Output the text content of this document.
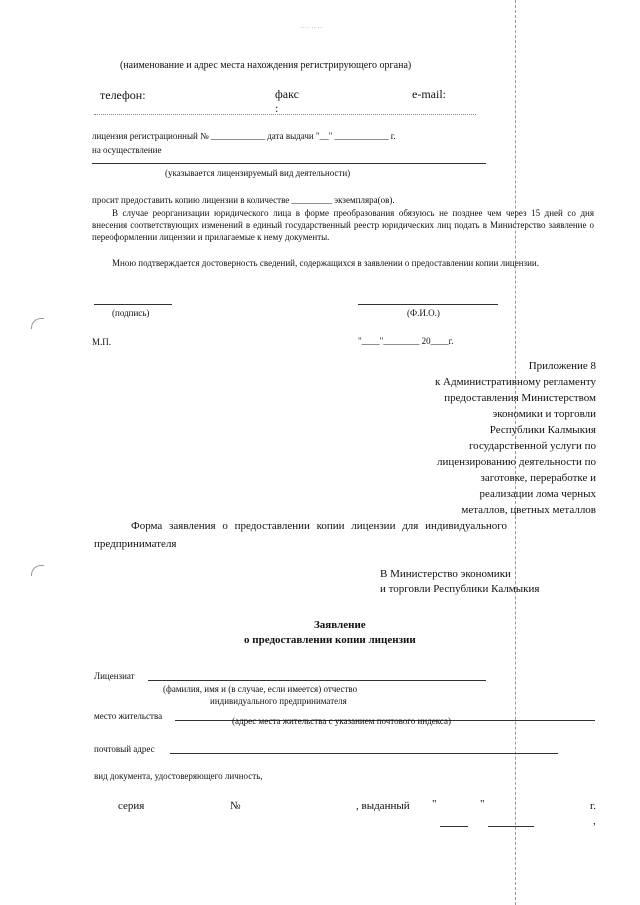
···· ·· ··
(наименование и адрес места нахождения регистрирующего органа)
телефон:	факс	e-mail:
:
лицензия регистрационный № ____________ дата выдачи "__" ____________ г.
на осуществление
(указывается лицензируемый вид деятельности)
просит предоставить копию лицензии в количестве _________ экземпляра(ов).
В случае реорганизации юридического лица в форме преобразования обязуюсь не позднее чем через 15 дней со дня внесения соответствующих изменений в единый государственный реестр юридических лиц подать в Министерство заявление о переоформлении лицензии и прилагаемые к нему документы.
Мною подтверждается достоверность сведений, содержащихся в заявлении о предоставлении копии лицензии.
(подпись)	(Ф.И.О.)
М.П.	"____"________ 20____г.
Приложение 8
к Административному регламенту
предоставления Министерством
экономики и торговли
Республики Калмыкия
государственной услуги по
лицензированию деятельности по
заготовке, переработке и
реализации лома черных
металлов, цветных металлов
Форма заявления о предоставлении копии лицензии для индивидуального
предпринимателя
В Министерство экономики
и торговли Республики Калмыкия
Заявление
о предоставлении копии лицензии
Лицензиат
(фамилия, имя и (в случае, если имеется) отчество
индивидуального предпринимателя
место жительства	(адрес места жительства с указанием почтового индекса)
почтовый адрес
вид документа, удостоверяющего личность,
серия	№	, выданный "	"	г.
,
